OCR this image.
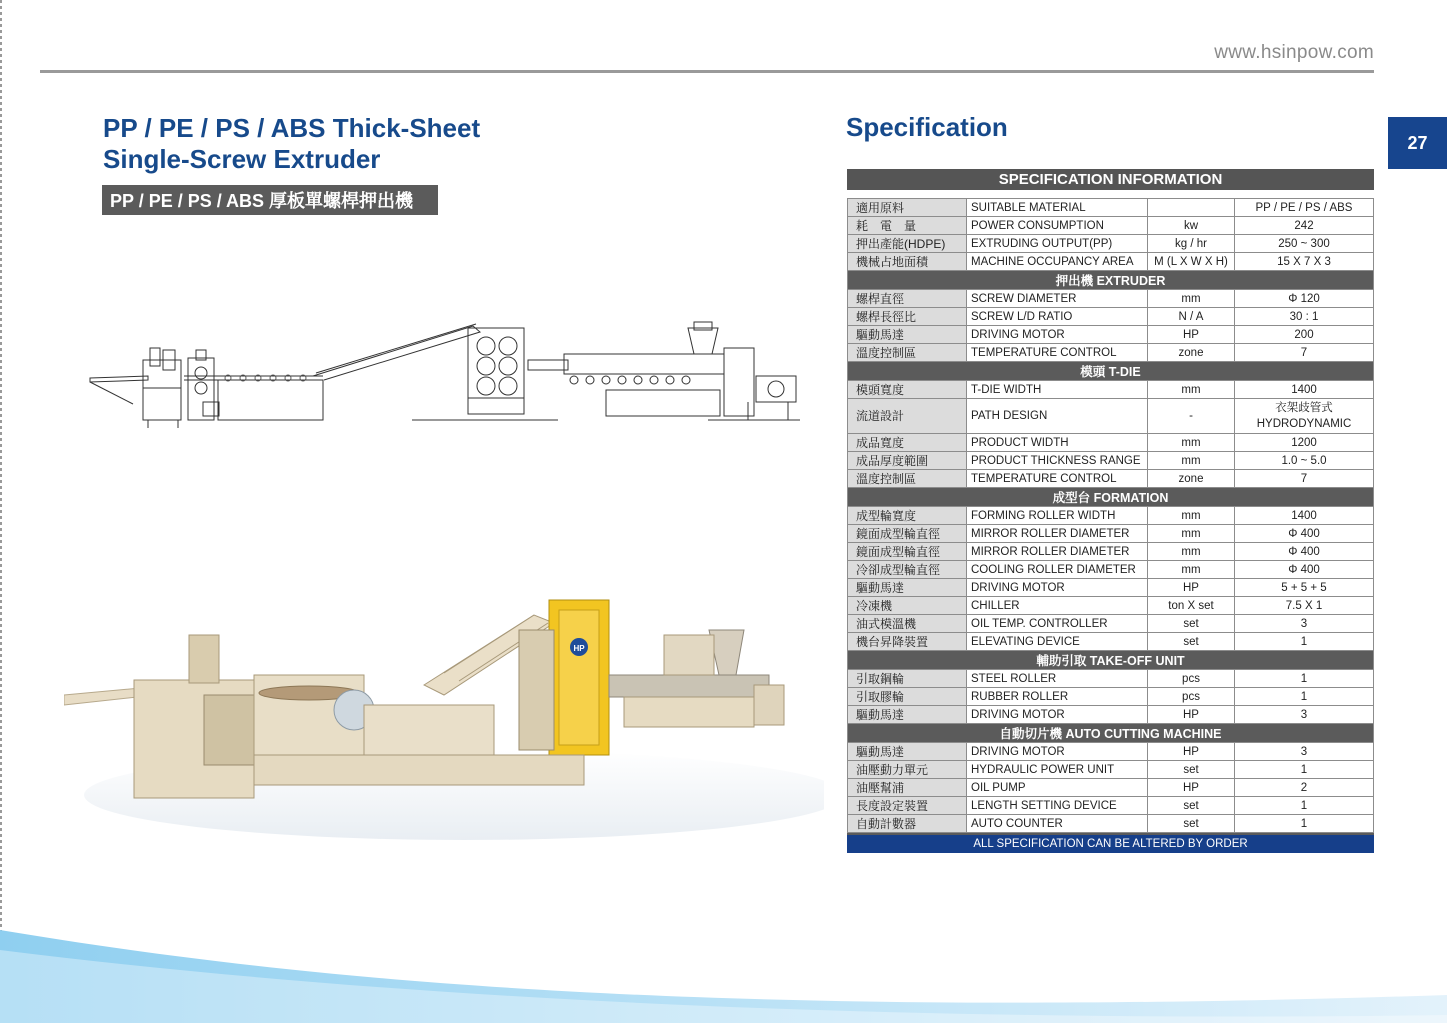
www.hsinpow.com
27
PP / PE / PS / ABS Thick-Sheet
Single-Screw Extruder
PP / PE / PS / ABS 厚板單螺桿押出機
HP
Specification
SPECIFICATION INFORMATION
適用原料	SUITABLE MATERIAL		PP / PE / PS / ABS

耗　電　量	POWER CONSUMPTION	kw	242

押出產能(HDPE)	EXTRUDING OUTPUT(PP)	kg / hr	250 ~ 300

機械占地面積	MACHINE OCCUPANCY AREA	M (L X W X H)	15 X 7 X 3

押出機 EXTRUDER			
螺桿直徑	SCREW DIAMETER	mm	Φ 120

螺桿長徑比	SCREW L/D RATIO	N / A	30 : 1

驅動馬達	DRIVING MOTOR	HP	200

溫度控制區	TEMPERATURE CONTROL	zone	7

模頭 T-DIE			
模頭寬度	T-DIE WIDTH	mm	1400

流道設計	PATH DESIGN	-	衣架歧管式
HYDRODYNAMIC

成品寬度	PRODUCT WIDTH	mm	1200

成品厚度範圍	PRODUCT THICKNESS RANGE	mm	1.0 ~ 5.0

溫度控制區	TEMPERATURE CONTROL	zone	7

成型台 FORMATION			
成型輪寬度	FORMING ROLLER WIDTH	mm	1400

鏡面成型輪直徑	MIRROR ROLLER DIAMETER	mm	Φ 400

鏡面成型輪直徑	MIRROR ROLLER DIAMETER	mm	Φ 400

冷卻成型輪直徑	COOLING ROLLER DIAMETER	mm	Φ 400

驅動馬達	DRIVING MOTOR	HP	5 + 5 + 5

冷凍機	CHILLER	ton X set	7.5 X 1

油式模溫機	OIL TEMP. CONTROLLER	set	3

機台昇降裝置	ELEVATING DEVICE	set	1

輔助引取 TAKE-OFF UNIT			
引取鋼輪	STEEL ROLLER	pcs	1

引取膠輪	RUBBER ROLLER	pcs	1

驅動馬達	DRIVING MOTOR	HP	3

自動切片機 AUTO CUTTING MACHINE			
驅動馬達	DRIVING MOTOR	HP	3

油壓動力單元	HYDRAULIC POWER UNIT	set	1

油壓幫浦	OIL PUMP	HP	2

長度設定裝置	LENGTH SETTING DEVICE	set	1

自動計數器	AUTO COUNTER	set	1
ALL SPECIFICATION CAN BE ALTERED BY ORDER
